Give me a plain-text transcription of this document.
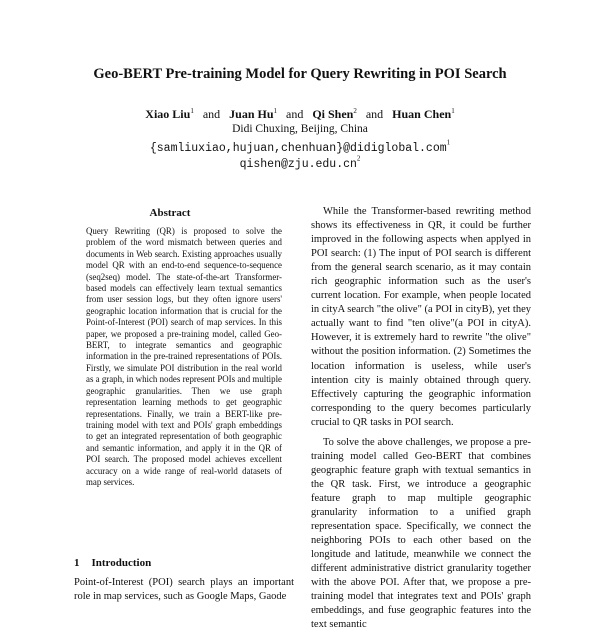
Geo-BERT Pre-training Model for Query Rewriting in POI Search
Xiao Liu$^1$ and Juan Hu$^1$ and Qi Shen$^2$ and Huan Chen$^1$
Didi Chuxing, Beijing, China
{samliuxiao,hujuan,chenhuan}@didiglobal.com$^1$
$qishen@zju.edu.cn^2$
Abstract

Query Rewriting (QR) is proposed to solve the problem of the word mismatch between queries and documents in Web search. Existing approaches usually model QR with an end-to-end sequence-to-sequence (seq2seq) model. The state-of-the-art Transformer-based models can effectively learn textual semantics from user session logs, but they often ignore users' geographic location information that is crucial for the Point-of-Interest (POI) search of map services. In this paper, we proposed a pre-training model, called Geo-BERT, to integrate semantics and geographic information in the pre-trained representations of POIs. Firstly, we simulate POI distribution in the real world as a graph, in which nodes represent POIs and multiple geographic granularities. Then we use graph representation learning methods to get geographic representations. Finally, we train a BERT-like pre-training model with text and POIs' graph embeddings to get an integrated representation of both geographic and semantic information, and apply it in the QR of POI search. The proposed model achieves excellent accuracy on a wide range of real-world datasets of map services.

1 Introduction

Point-of-Interest (POI) search plays an important role in map services, such as Google Maps, Gaode

While the Transformer-based rewriting method shows its effectiveness in QR, it could be further improved in the following aspects when applyed in POI search: (1) The input of POI search is different from the general search scenario, as it may contain rich geographic information such as the user's current location. For example, when people located in cityA search "the olive" (a POI in cityB), yet they actually want to find "ten olive"(a POI in cityA). However, it is extremely hard to rewrite "the olive" without the position information. (2) Sometimes the location information is useless, while user's intention city is mainly obtained through query. Effectively capturing the geographic information corresponding to the query becomes particularly crucial to QR tasks in POI search.

To solve the above challenges, we propose a pre-training model called Geo-BERT that combines geographic feature graph with textual semantics in the QR task. First, we introduce a geographic feature graph to map multiple geographic granularity information to a unified graph representation space. Specifically, we connect the neighboring POIs to each other based on the longitude and latitude, meanwhile we connect the different administrative district granularity together with the above POI. After that, we propose a pre-training model that integrates text and POIs' graph embeddings, and fuse geographic features into the text semantic
